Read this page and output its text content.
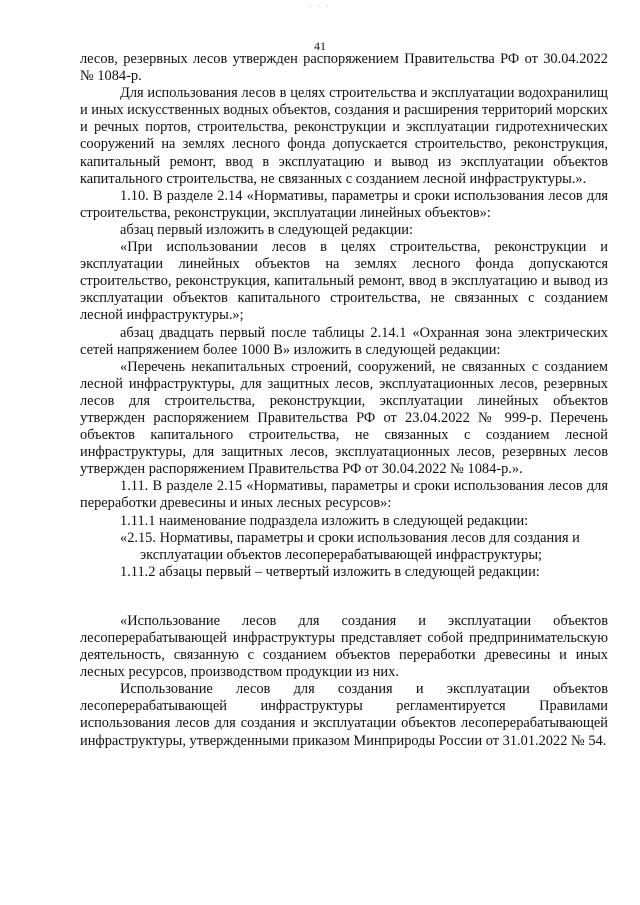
· · ·
41

лесов, резервных лесов утвержден распоряжением Правительства РФ от 30.04.2022 № 1084-р.

Для использования лесов в целях строительства и эксплуатации водохранилищ и иных искусственных водных объектов, создания и расширения территорий морских и речных портов, строительства, реконструкции и эксплуатации гидротехнических сооружений на землях лесного фонда допускается строительство, реконструкция, капитальный ремонт, ввод в эксплуатацию и вывод из эксплуатации объектов капитального строительства, не связанных с созданием лесной инфраструктуры.».

1.10. В разделе 2.14 «Нормативы, параметры и сроки использования лесов для строительства, реконструкции, эксплуатации линейных объектов»:

абзац первый изложить в следующей редакции:

«При использовании лесов в целях строительства, реконструкции и эксплуатации линейных объектов на землях лесного фонда допускаются строительство, реконструкция, капитальный ремонт, ввод в эксплуатацию и вывод из эксплуатации объектов капитального строительства, не связанных с созданием лесной инфраструктуры.»;

абзац двадцать первый после таблицы 2.14.1 «Охранная зона электрических сетей напряжением более 1000 В» изложить в следующей редакции:

«Перечень некапитальных строений, сооружений, не связанных с созданием лесной инфраструктуры, для защитных лесов, эксплуатационных лесов, резервных лесов для строительства, реконструкции, эксплуатации линейных объектов утвержден распоряжением Правительства РФ от 23.04.2022 № 999-р. Перечень объектов капитального строительства, не связанных с созданием лесной инфраструктуры, для защитных лесов, эксплуатационных лесов, резервных лесов утвержден распоряжением Правительства РФ от 30.04.2022 № 1084-р.».

1.11. В разделе 2.15 «Нормативы, параметры и сроки использования лесов для переработки древесины и иных лесных ресурсов»:

1.11.1 наименование подраздела изложить в следующей редакции:

«2.15. Нормативы, параметры и сроки использования лесов для создания и эксплуатации объектов лесоперерабатывающей инфраструктуры;

1.11.2 абзацы первый – четвертый изложить в следующей редакции:

«Использование лесов для создания и эксплуатации объектов лесоперерабатывающей инфраструктуры представляет собой предпринимательскую деятельность, связанную с созданием объектов переработки древесины и иных лесных ресурсов, производством продукции из них.

Использование лесов для создания и эксплуатации объектов лесоперерабатывающей инфраструктуры регламентируется Правилами использования лесов для создания и эксплуатации объектов лесоперерабатывающей инфраструктуры, утвержденными приказом Минприроды России от 31.01.2022 № 54.
